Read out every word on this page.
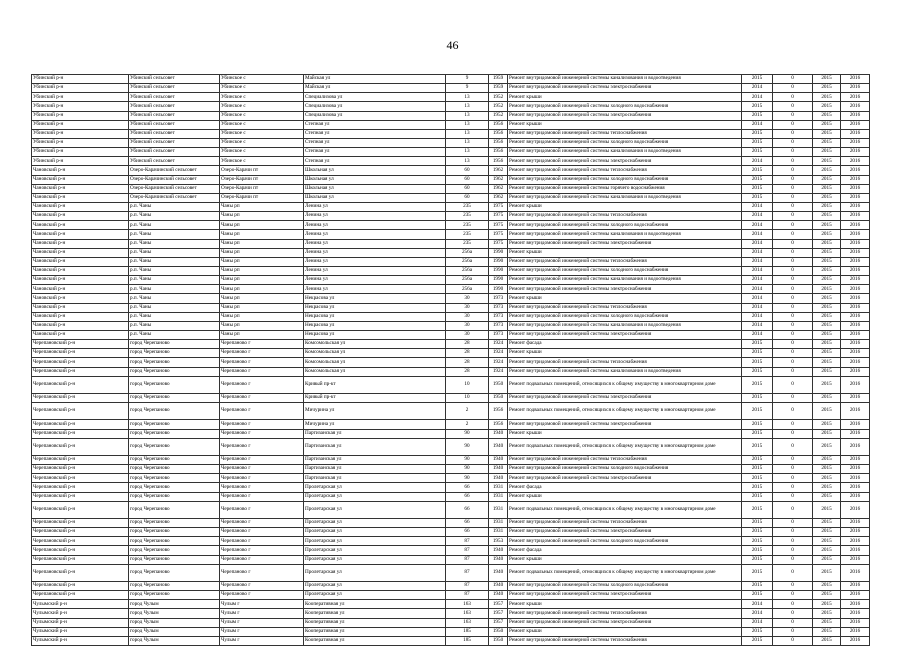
46
Убинский р-н	Убинский сельсовет	Убинское с	Майская ул	9	1959	Ремонт внутридомовой инженерной системы канализования и водоотведения	2015	0	2015	2016
Убинский р-н	Убинский сельсовет	Убинское с	Майская ул	9	1959	Ремонт внутридомовой инженерной системы электроснабжения	2014	0	2015	2016
Убинский р-н	Убинский сельсовет	Убинское с	Специализова ул	13	1952	Ремонт крыши	2014	0	2015	2016
Убинский р-н	Убинский сельсовет	Убинское с	Специализова ул	13	1952	Ремонт внутридомовой инженерной системы холодного водоснабжения	2015	0	2015	2016
Убинский р-н	Убинский сельсовет	Убинское с	Специализова ул	13	1952	Ремонт внутридомовой инженерной системы электроснабжения	2015	0	2015	2016
Убинский р-н	Убинский сельсовет	Убинское с	Степная ул	13	1956	Ремонт крыши	2014	0	2015	2016
Убинский р-н	Убинский сельсовет	Убинское с	Степная ул	13	1956	Ремонт внутридомовой инженерной системы теплоснабжения	2015	0	2015	2016
Убинский р-н	Убинский сельсовет	Убинское с	Степная ул	13	1956	Ремонт внутридомовой инженерной системы холодного водоснабжения	2015	0	2015	2016
Убинский р-н	Убинский сельсовет	Убинское с	Степная ул	13	1956	Ремонт внутридомовой инженерной системы канализования и водоотведения	2015	0	2015	2016
Убинский р-н	Убинский сельсовет	Убинское с	Степная ул	13	1956	Ремонт внутридомовой инженерной системы электроснабжения	2014	0	2015	2016
Чановский р-н	Озеро-Карачинский сельсовет	Озеро-Карачи пт	Школьная ул	60	1962	Ремонт внутридомовой инженерной системы теплоснабжения	2015	0	2015	2016
Чановский р-н	Озеро-Карачинский сельсовет	Озеро-Карачи пт	Школьная ул	60	1962	Ремонт внутридомовой инженерной системы холодного водоснабжения	2015	0	2015	2016
Чановский р-н	Озеро-Карачинский сельсовет	Озеро-Карачи пт	Школьная ул	60	1962	Ремонт внутридомовой инженерной системы горячего водоснабжения	2015	0	2015	2016
Чановский р-н	Озеро-Карачинский сельсовет	Озеро-Карачи пт	Школьная ул	60	1962	Ремонт внутридомовой инженерной системы канализования и водоотведения	2015	0	2015	2016
Чановский р-н	р.п. Чаны	Чаны рп	Ленина ул	235	1975	Ремонт крыши	2014	0	2015	2016
Чановский р-н	р.п. Чаны	Чаны рп	Ленина ул	235	1975	Ремонт внутридомовой инженерной системы теплоснабжения	2014	0	2015	2016
Чановский р-н	р.п. Чаны	Чаны рп	Ленина ул	235	1975	Ремонт внутридомовой инженерной системы холодного водоснабжения	2014	0	2015	2016
Чановский р-н	р.п. Чаны	Чаны рп	Ленина ул	235	1975	Ремонт внутридомовой инженерной системы канализования и водоотведения	2014	0	2015	2016
Чановский р-н	р.п. Чаны	Чаны рп	Ленина ул	235	1975	Ремонт внутридомовой инженерной системы электроснабжения	2014	0	2015	2016
Чановский р-н	р.п. Чаны	Чаны рп	Ленина ул	256а	1990	Ремонт крыши	2014	0	2015	2016
Чановский р-н	р.п. Чаны	Чаны рп	Ленина ул	256а	1990	Ремонт внутридомовой инженерной системы теплоснабжения	2014	0	2015	2016
Чановский р-н	р.п. Чаны	Чаны рп	Ленина ул	256а	1990	Ремонт внутридомовой инженерной системы холодного водоснабжения	2014	0	2015	2016
Чановский р-н	р.п. Чаны	Чаны рп	Ленина ул	256а	1990	Ремонт внутридомовой инженерной системы канализования и водоотведения	2014	0	2015	2016
Чановский р-н	р.п. Чаны	Чаны рп	Ленина ул	256а	1990	Ремонт внутридомовой инженерной системы электроснабжения	2014	0	2015	2016
Чановский р-н	р.п. Чаны	Чаны рп	Некрасова ул	30	1973	Ремонт крыши	2014	0	2015	2016
Чановский р-н	р.п. Чаны	Чаны рп	Некрасова ул	30	1973	Ремонт внутридомовой инженерной системы теплоснабжения	2014	0	2015	2016
Чановский р-н	р.п. Чаны	Чаны рп	Некрасова ул	30	1973	Ремонт внутридомовой инженерной системы холодного водоснабжения	2014	0	2015	2016
Чановский р-н	р.п. Чаны	Чаны рп	Некрасова ул	30	1973	Ремонт внутридомовой инженерной системы канализования и водоотведения	2014	0	2015	2016
Чановский р-н	р.п. Чаны	Чаны рп	Некрасова ул	30	1973	Ремонт внутридомовой инженерной системы электроснабжения	2014	0	2015	2016
Черепановский р-н	город Черепаново	Черепаново г	Комсомольская ул	28	1924	Ремонт фасада	2015	0	2015	2016
Черепановский р-н	город Черепаново	Черепаново г	Комсомольская ул	28	1924	Ремонт крыши	2015	0	2015	2016
Черепановский р-н	город Черепаново	Черепаново г	Комсомольская ул	28	1924	Ремонт внутридомовой инженерной системы теплоснабжения	2015	0	2015	2016
Черепановский р-н	город Черепаново	Черепаново г	Комсомольская ул	28	1924	Ремонт внутридомовой инженерной системы канализования и водоотведения	2015	0	2015	2016
Черепановский р-н	город Черепаново	Черепаново г	Кривый пр-кт	10	1950	Ремонт подвальных помещений, относящихся к общему имуществу в многоквартирном доме	2015	0	2015	2016
Черепановский р-н	город Черепаново	Черепаново г	Кривый пр-кт	10	1950	Ремонт внутридомовой инженерной системы электроснабжения	2015	0	2015	2016
Черепановский р-н	город Черепаново	Черепаново г	Мичурина ул	2	1956	Ремонт подвальных помещений, относящихся к общему имуществу в многоквартирном доме	2015	0	2015	2016
Черепановский р-н	город Черепаново	Черепаново г	Мичурина ул	2	1956	Ремонт внутридомовой инженерной системы электроснабжения	2015	0	2015	2016
Черепановский р-н	город Черепаново	Черепаново г	Партизанская ул	90	1940	Ремонт крыши	2015	0	2015	2016
Черепановский р-н	город Черепаново	Черепаново г	Партизанская ул	90	1940	Ремонт подвальных помещений, относящихся к общему имуществу в многоквартирном доме	2015	0	2015	2016
Черепановский р-н	город Черепаново	Черепаново г	Партизанская ул	90	1940	Ремонт внутридомовой инженерной системы теплоснабжения	2015	0	2015	2016
Черепановский р-н	город Черепаново	Черепаново г	Партизанская ул	90	1940	Ремонт внутридомовой инженерной системы холодного водоснабжения	2015	0	2015	2016
Черепановский р-н	город Черепаново	Черепаново г	Партизанская ул	90	1940	Ремонт внутридомовой инженерной системы электроснабжения	2015	0	2015	2016
Черепановский р-н	город Черепаново	Черепаново г	Пролетарская ул	66	1931	Ремонт фасада	2015	0	2015	2016
Черепановский р-н	город Черепаново	Черепаново г	Пролетарская ул	66	1931	Ремонт крыши	2015	0	2015	2016
Черепановский р-н	город Черепаново	Черепаново г	Пролетарская ул	66	1931	Ремонт подвальных помещений, относящихся к общему имуществу в многоквартирном доме	2015	0	2015	2016
Черепановский р-н	город Черепаново	Черепаново г	Пролетарская ул	66	1931	Ремонт внутридомовой инженерной системы теплоснабжения	2015	0	2015	2016
Черепановский р-н	город Черепаново	Черепаново г	Пролетарская ул	66	1931	Ремонт внутридомовой инженерной системы электроснабжения	2015	0	2015	2016
Черепановский р-н	город Черепаново	Черепаново г	Пролетарская ул	87	1953	Ремонт внутридомовой инженерной системы холодного водоснабжения	2015	0	2015	2016
Черепановский р-н	город Черепаново	Черепаново г	Пролетарская ул	87	1940	Ремонт фасада	2015	0	2015	2016
Черепановский р-н	город Черепаново	Черепаново г	Пролетарская ул	87	1940	Ремонт крыши	2015	0	2015	2016
Черепановский р-н	город Черепаново	Черепаново г	Пролетарская ул	87	1940	Ремонт подвальных помещений, относящихся к общему имуществу в многоквартирном доме	2015	0	2015	2016
Черепановский р-н	город Черепаново	Черепаново г	Пролетарская ул	87	1940	Ремонт внутридомовой инженерной системы холодного водоснабжения	2015	0	2015	2016
Черепановский р-н	город Черепаново	Черепаново г	Пролетарская ул	87	1940	Ремонт внутридомовой инженерной системы электроснабжения	2015	0	2015	2016
Чулымский р-н	город Чулым	Чулым г	Кооперативная ул	163	1957	Ремонт крыши	2014	0	2015	2016
Чулымский р-н	город Чулым	Чулым г	Кооперативная ул	163	1957	Ремонт внутридомовой инженерной системы теплоснабжения	2014	0	2015	2016
Чулымский р-н	город Чулым	Чулым г	Кооперативная ул	163	1957	Ремонт внутридомовой инженерной системы электроснабжения	2014	0	2015	2016
Чулымский р-н	город Чулым	Чулым г	Кооперативная ул	185	1950	Ремонт крыши	2015	0	2015	2016
Чулымский р-н	город Чулым	Чулым г	Кооперативная ул	185	1950	Ремонт внутридомовой инженерной системы теплоснабжения	2015	0	2015	2016
